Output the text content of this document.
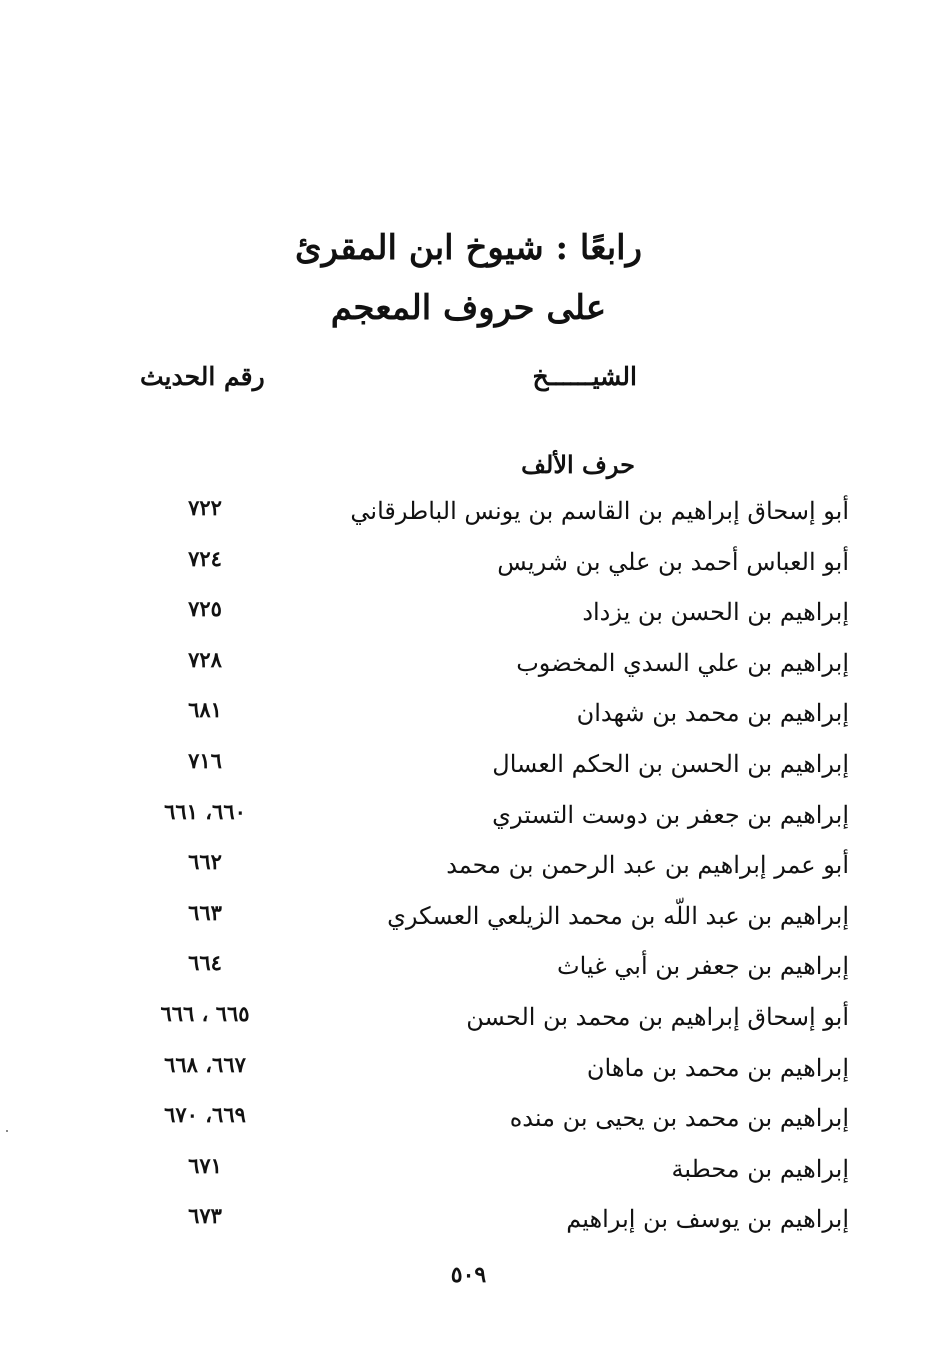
رابعًا : شيوخ ابن المقرئ

على حروف المعجم

الشيــــــخ
رقم الحديث
حرف الألف
أبو إسحاق إبراهيم بن القاسم بن يونس الباطرقاني
٧٢٢
أبو العباس أحمد بن علي بن شريس
٧٢٤
إبراهيم بن الحسن بن يزداد
٧٢٥
إبراهيم بن علي السدي المخضوب
٧٢٨
إبراهيم بن محمد بن شهدان
٦٨١
إبراهيم بن الحسن بن الحكم العسال
٧١٦
إبراهيم بن جعفر بن دوست التستري
٦٦٠، ٦٦١
أبو عمر إبراهيم بن عبد الرحمن بن محمد
٦٦٢
إبراهيم بن عبد اللّه بن محمد الزيلعي العسكري
٦٦٣
إبراهيم بن جعفر بن أبي غياث
٦٦٤
أبو إسحاق إبراهيم بن محمد بن الحسن
٦٦٥ ، ٦٦٦
إبراهيم بن محمد بن ماهان
٦٦٧، ٦٦٨
إبراهيم بن محمد بن يحيى بن منده
٦٦٩، ٦٧٠
إبراهيم بن محطبة
٦٧١
إبراهيم بن يوسف بن إبراهيم
٦٧٣
٥٠٩
